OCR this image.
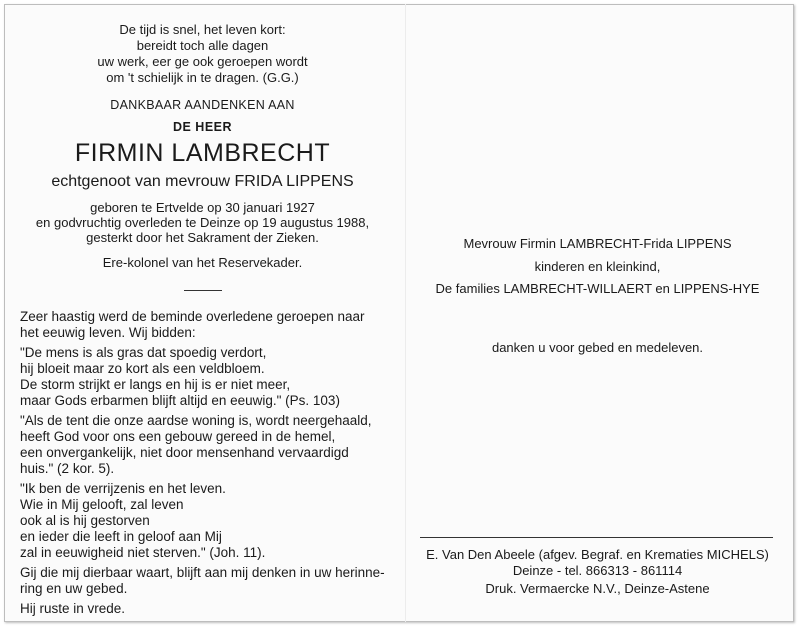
De tijd is snel, het leven kort:
bereidt toch alle dagen
uw werk, eer ge ook geroepen wordt
om 't schielijk in te dragen. (G.G.)
DANKBAAR AANDENKEN AAN
DE HEER
FIRMIN LAMBRECHT
echtgenoot van mevrouw FRIDA LIPPENS
geboren te Ertvelde op 30 januari 1927
en godvruchtig overleden te Deinze op 19 augustus 1988,
gesterkt door het Sakrament der Zieken.
Ere-kolonel van het Reservekader.
Zeer haastig werd de beminde overledene geroepen naar
het eeuwig leven. Wij bidden:
"De mens is als gras dat spoedig verdort,
hij bloeit maar zo kort als een veldbloem.
De storm strijkt er langs en hij is er niet meer,
maar Gods erbarmen blijft altijd en eeuwig." (Ps. 103)
"Als de tent die onze aardse woning is, wordt neergehaald,
heeft God voor ons een gebouw gereed in de hemel,
een onvergankelijk, niet door mensenhand vervaardigd
huis." (2 kor. 5).
"Ik ben de verrijzenis en het leven.
Wie in Mij gelooft, zal leven
ook al is hij gestorven
en ieder die leeft in geloof aan Mij
zal in eeuwigheid niet sterven." (Joh. 11).
Gij die mij dierbaar waart, blijft aan mij denken in uw herinne-
ring en uw gebed.
Hij ruste in vrede.
Mevrouw Firmin LAMBRECHT-Frida LIPPENS
kinderen en kleinkind,
De families LAMBRECHT-WILLAERT en LIPPENS-HYE
danken u voor gebed en medeleven.
E. Van Den Abeele (afgev. Begraf. en Krematies MICHELS)
Deinze - tel. 866313 - 861114
Druk. Vermaercke N.V., Deinze-Astene
